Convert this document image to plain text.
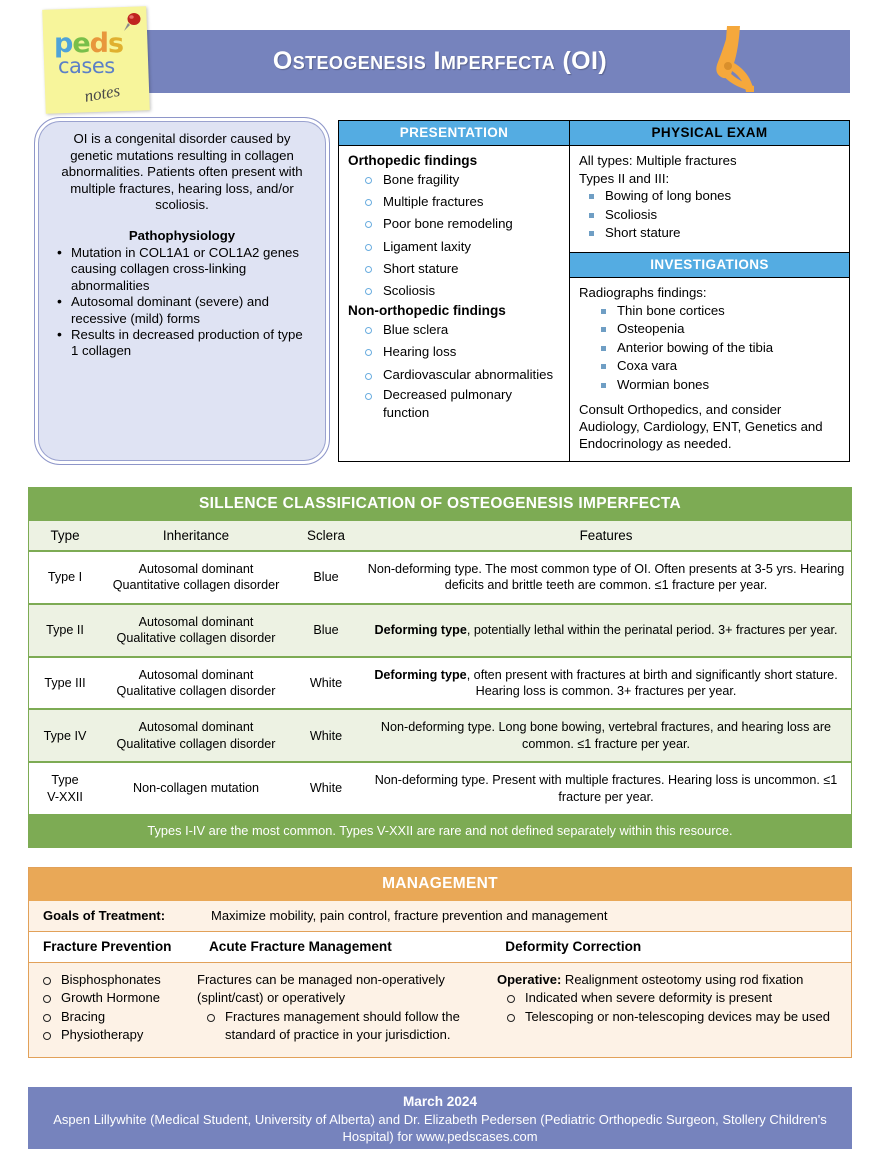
Osteogenesis Imperfecta (OI)
peds
cases
notes
OI is a congenital disorder caused by genetic mutations resulting in collagen abnormalities. Patients often present with multiple fractures, hearing loss, and/or scoliosis.
Pathophysiology
• Mutation in COL1A1 or COL1A2 genes causing collagen cross-linking abnormalities
• Autosomal dominant (severe) and recessive (mild) forms
• Results in decreased production of type 1 collagen
PRESENTATION
Orthopedic findings
Bone fragility
Multiple fractures
Poor bone remodeling
Ligament laxity
Short stature
Scoliosis
Non-orthopedic findings
Blue sclera
Hearing loss
Cardiovascular abnormalities
Decreased pulmonary function
PHYSICAL EXAM
All types: Multiple fractures
Types II and III:
Bowing of long bones
Scoliosis
Short stature
INVESTIGATIONS
Radiographs findings:
Thin bone cortices
Osteopenia
Anterior bowing of the tibia
Coxa vara
Wormian bones
Consult Orthopedics, and consider Audiology, Cardiology, ENT, Genetics and Endocrinology as needed.
SILLENCE CLASSIFICATION OF OSTEOGENESIS IMPERFECTA
Type	Inheritance	Sclera	Features
Type I	Autosomal dominant
Quantitative collagen disorder	Blue	Non-deforming type. The most common type of OI. Often presents at 3-5 yrs. Hearing deficits and brittle teeth are common. ≤1 fracture per year.
Type II	Autosomal dominant
Qualitative collagen disorder	Blue	Deforming type, potentially lethal within the perinatal period. 3+ fractures per year.
Type III	Autosomal dominant
Qualitative collagen disorder	White	Deforming type, often present with fractures at birth and significantly short stature. Hearing loss is common. 3+ fractures per year.
Type IV	Autosomal dominant
Qualitative collagen disorder	White	Non-deforming type. Long bone bowing, vertebral fractures, and hearing loss are common. ≤1 fracture per year.
Type
V-XXII	Non-collagen mutation	White	Non-deforming type. Present with multiple fractures. Hearing loss is uncommon. ≤1 fracture per year.
Types I-IV are the most common. Types V-XXII are rare and not defined separately within this resource.
MANAGEMENT
Goals of Treatment:	Maximize mobility, pain control, fracture prevention and management
Fracture Prevention	Acute Fracture Management	Deformity Correction
Bisphosphonates
Growth Hormone
Bracing
Physiotherapy
Fractures can be managed non-operatively (splint/cast) or operatively
Fractures management should follow the standard of practice in your jurisdiction.
Operative: Realignment osteotomy using rod fixation
Indicated when severe deformity is present
Telescoping or non-telescoping devices may be used
March 2024
Aspen Lillywhite (Medical Student, University of Alberta) and Dr. Elizabeth Pedersen (Pediatric Orthopedic Surgeon, Stollery Children's Hospital) for www.pedscases.com
